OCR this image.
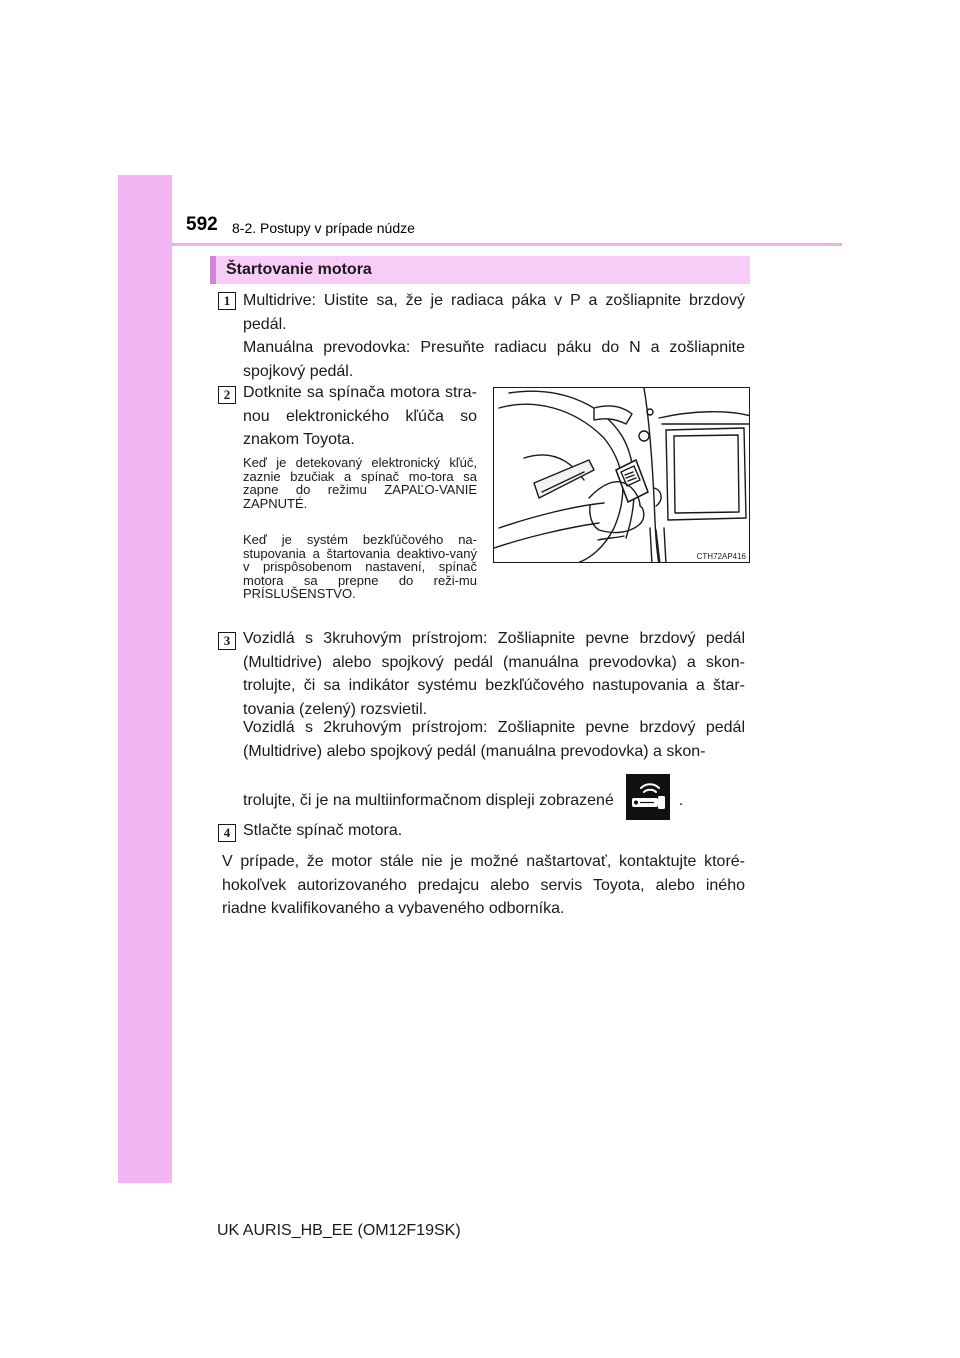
592 8-2. Postupy v prípade núdze
Štartovanie motora
1 Multidrive: Uistite sa, že je radiaca páka v P a zošliapnite brzdový pedál.
Manuálna prevodovka: Presuňte radiacu páku do N a zošliapnite spojkový pedál.
2 Dotknite sa spínača motora stra-nou elektronického kľúča so znakom Toyota.
Keď je detekovaný elektronický kľúč, zaznie bzučiak a spínač mo-tora sa zapne do režimu ZAPAĽO-VANIE ZAPNUTÉ.
Keď je systém bezkľúčového na-stupovania a štartovania deaktivo-vaný v prispôsobenom nastavení, spínač motora sa prepne do reži-mu PRÍSLUŠENSTVO.
CTH72AP416
3 Vozidlá s 3kruhovým prístrojom: Zošliapnite pevne brzdový pedál (Multidrive) alebo spojkový pedál (manuálna prevodovka) a skon-trolujte, či sa indikátor systému bezkľúčového nastupovania a štar-tovania (zelený) rozsvietil.
Vozidlá s 2kruhovým prístrojom: Zošliapnite pevne brzdový pedál (Multidrive) alebo spojkový pedál (manuálna prevodovka) a skon-
trolujte, či je na multiinformačnom displeji zobrazené	.
4 Stlačte spínač motora.
V prípade, že motor stále nie je možné naštartovať, kontaktujte ktoré-hokoľvek autorizovaného predajcu alebo servis Toyota, alebo iného riadne kvalifikovaného a vybaveného odborníka.
UK AURIS_HB_EE (OM12F19SK)
